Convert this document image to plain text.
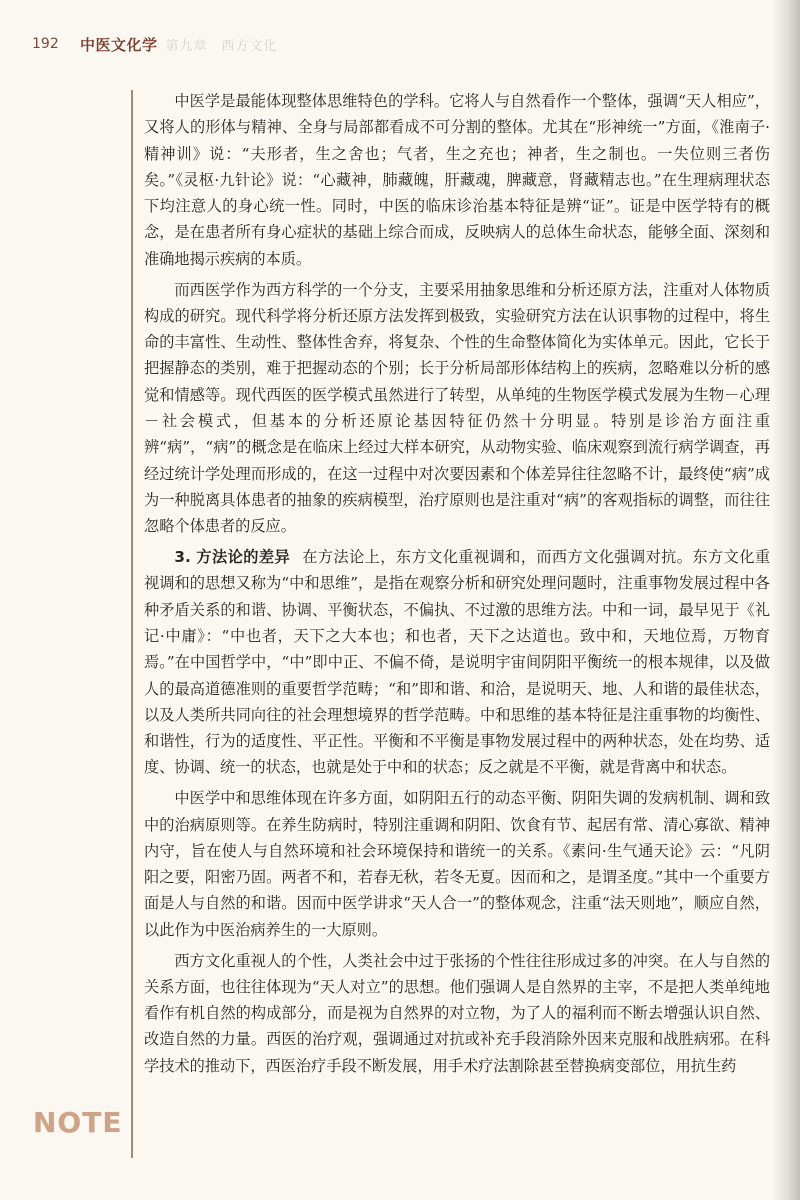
192	中医文化学 第九章　西方文化
NOTE

中医学是最能体现整体思维特色的学科。它将人与自然看作一个整体，强调“天人相应”，又将人的形体与精神、全身与局部都看成不可分割的整体。尤其在“形神统一”方面，《淮南子·精神训》说：“夫形者，生之舍也；气者，生之充也；神者，生之制也。一失位则三者伤矣。”《灵枢·九针论》说：“心藏神，肺藏魄，肝藏魂，脾藏意，肾藏精志也。”在生理病理状态下均注意人的身心统一性。同时，中医的临床诊治基本特征是辨“证”。证是中医学特有的概念，是在患者所有身心症状的基础上综合而成，反映病人的总体生命状态，能够全面、深刻和准确地揭示疾病的本质。

而西医学作为西方科学的一个分支，主要采用抽象思维和分析还原方法，注重对人体物质构成的研究。现代科学将分析还原方法发挥到极致，实验研究方法在认识事物的过程中，将生命的丰富性、生动性、整体性舍弃，将复杂、个性的生命整体简化为实体单元。因此，它长于把握静态的类别，难于把握动态的个别；长于分析局部形体结构上的疾病，忽略难以分析的感觉和情感等。现代西医的医学模式虽然进行了转型，从单纯的生物医学模式发展为生物－心理－社会模式，但基本的分析还原论基因特征仍然十分明显。特别是诊治方面注重辨“病”，“病”的概念是在临床上经过大样本研究，从动物实验、临床观察到流行病学调查，再经过统计学处理而形成的，在这一过程中对次要因素和个体差异往往忽略不计，最终使“病”成为一种脱离具体患者的抽象的疾病模型，治疗原则也是注重对“病”的客观指标的调整，而往往忽略个体患者的反应。

3. 方法论的差异 在方法论上，东方文化重视调和，而西方文化强调对抗。东方文化重视调和的思想又称为“中和思维”，是指在观察分析和研究处理问题时，注重事物发展过程中各种矛盾关系的和谐、协调、平衡状态，不偏执、不过激的思维方法。中和一词，最早见于《礼记·中庸》：“中也者，天下之大本也；和也者，天下之达道也。致中和，天地位焉，万物育焉。”在中国哲学中，“中”即中正、不偏不倚，是说明宇宙间阴阳平衡统一的根本规律，以及做人的最高道德准则的重要哲学范畴；“和”即和谐、和洽，是说明天、地、人和谐的最佳状态，以及人类所共同向往的社会理想境界的哲学范畴。中和思维的基本特征是注重事物的均衡性、和谐性，行为的适度性、平正性。平衡和不平衡是事物发展过程中的两种状态，处在均势、适度、协调、统一的状态，也就是处于中和的状态；反之就是不平衡，就是背离中和状态。

中医学中和思维体现在许多方面，如阴阳五行的动态平衡、阴阳失调的发病机制、调和致中的治病原则等。在养生防病时，特别注重调和阴阳、饮食有节、起居有常、清心寡欲、精神内守，旨在使人与自然环境和社会环境保持和谐统一的关系。《素问·生气通天论》云：“凡阴阳之要，阳密乃固。两者不和，若春无秋，若冬无夏。因而和之，是谓圣度。”其中一个重要方面是人与自然的和谐。因而中医学讲求“天人合一”的整体观念，注重“法天则地”，顺应自然，以此作为中医治病养生的一大原则。

西方文化重视人的个性，人类社会中过于张扬的个性往往形成过多的冲突。在人与自然的关系方面，也往往体现为“天人对立”的思想。他们强调人是自然界的主宰，不是把人类单纯地看作有机自然的构成部分，而是视为自然界的对立物，为了人的福利而不断去增强认识自然、改造自然的力量。西医的治疗观，强调通过对抗或补充手段消除外因来克服和战胜病邪。在科学技术的推动下，西医治疗手段不断发展，用手术疗法割除甚至替换病变部位，用抗生药
